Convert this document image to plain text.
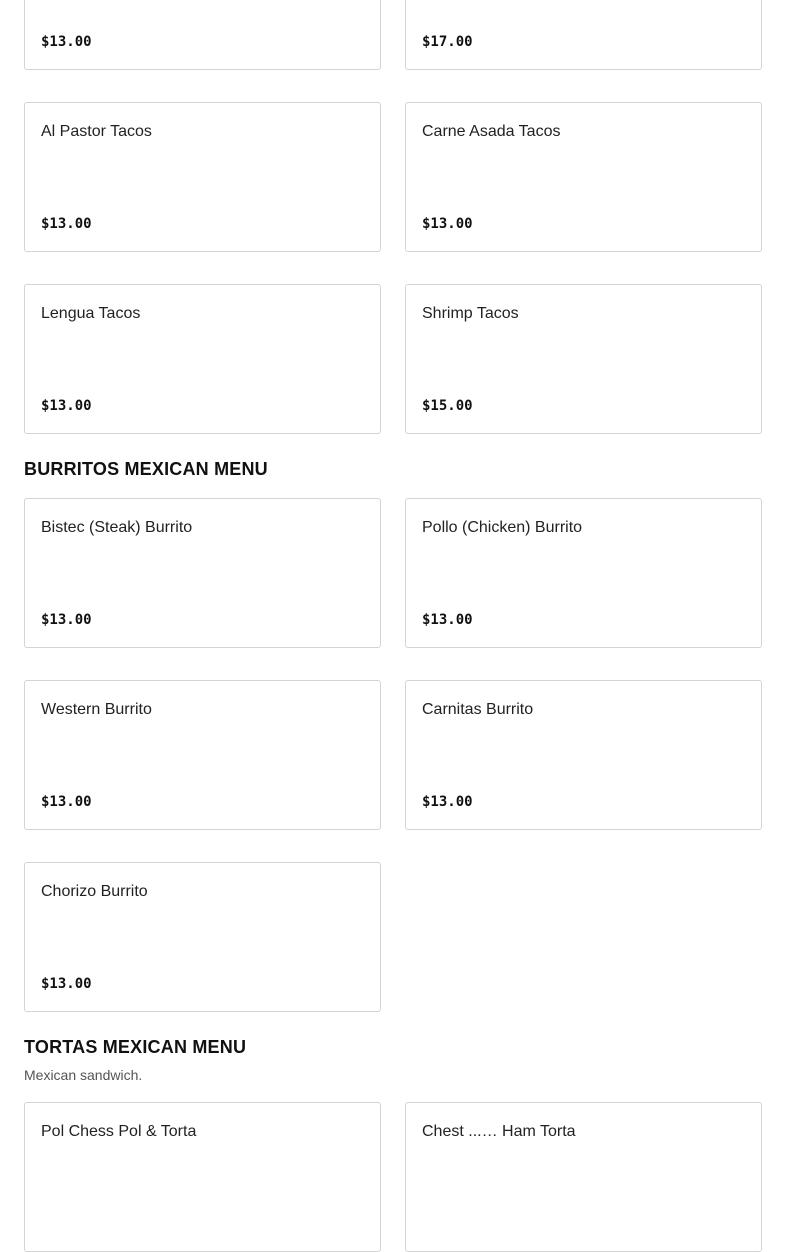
$13.00	$17.00
Al Pastor Tacos
$13.00
Carne Asada Tacos
$13.00
Lengua Tacos
$13.00
Shrimp Tacos
$15.00
BURRITOS MEXICAN MENU
Bistec (Steak) Burrito
$13.00
Pollo (Chicken) Burrito
$13.00
Western Burrito
$13.00
Carnitas Burrito
$13.00
Chorizo Burrito
$13.00
TORTAS MEXICAN MENU

Mexican sandwich.

Pol Chess Pol & Torta	Chest ...… Ham Torta
